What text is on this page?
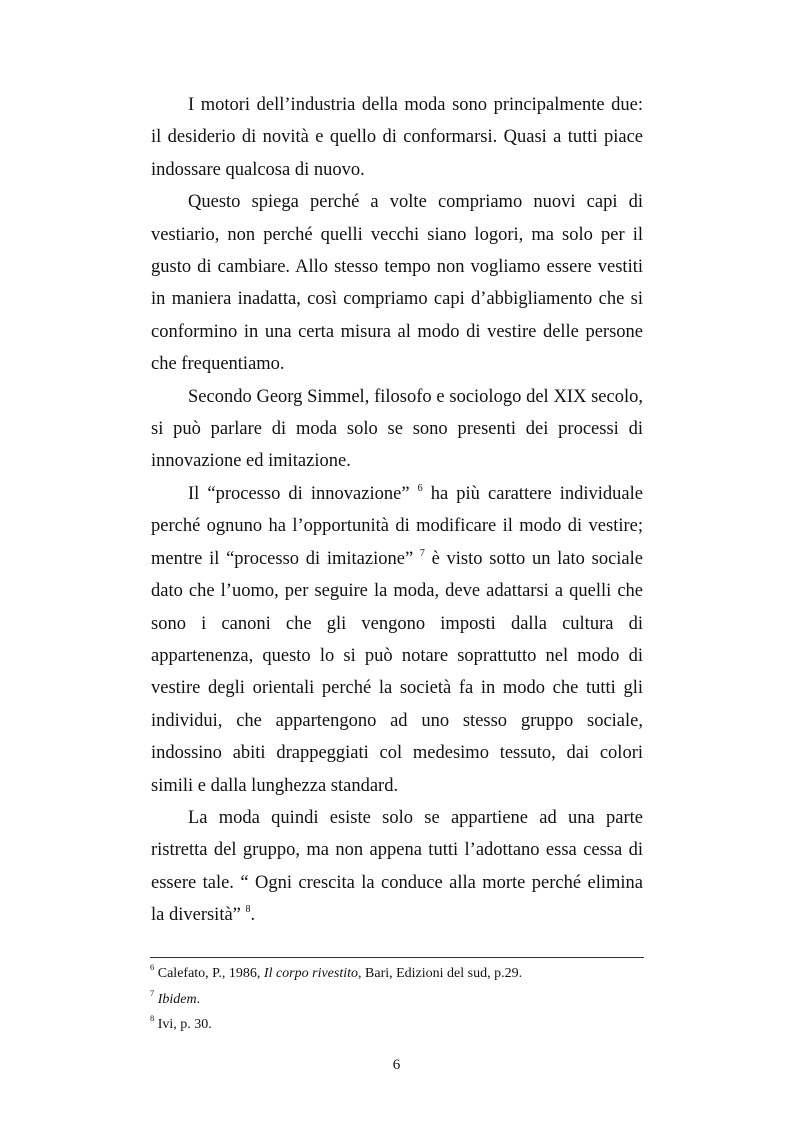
I motori dell’industria della moda sono principalmente due: il desiderio di novità e quello di conformarsi. Quasi a tutti piace indossare qualcosa di nuovo.

Questo spiega perché a volte compriamo nuovi capi di vestiario, non perché quelli vecchi siano logori, ma solo per il gusto di cambiare. Allo stesso tempo non vogliamo essere vestiti in maniera inadatta, così compriamo capi d’abbigliamento che si conformino in una certa misura al modo di vestire delle persone che frequentiamo.

Secondo Georg Simmel, filosofo e sociologo del XIX secolo, si può parlare di moda solo se sono presenti dei processi di innovazione ed imitazione.

Il “processo di innovazione” $^6$ ha più carattere individuale perché ognuno ha l’opportunità di modificare il modo di vestire; mentre il “processo di imitazione” $^7$ è visto sotto un lato sociale dato che l’uomo, per seguire la moda, deve adattarsi a quelli che sono i canoni che gli vengono imposti dalla cultura di appartenenza, questo lo si può notare soprattutto nel modo di vestire degli orientali perché la società fa in modo che tutti gli individui, che appartengono ad uno stesso gruppo sociale, indossino abiti drappeggiati col medesimo tessuto, dai colori simili e dalla lunghezza standard.

La moda quindi esiste solo se appartiene ad una parte ristretta del gruppo, ma non appena tutti l’adottano essa cessa di essere tale. “ Ogni crescita la conduce alla morte perché elimina la diversità” $^8$.

$^6$ Calefato, P., 1986, Il corpo rivestito, Bari, Edizioni del sud, p.29.
$^7$ Ibidem.
$^8$ Ivi, p. 30.
6
